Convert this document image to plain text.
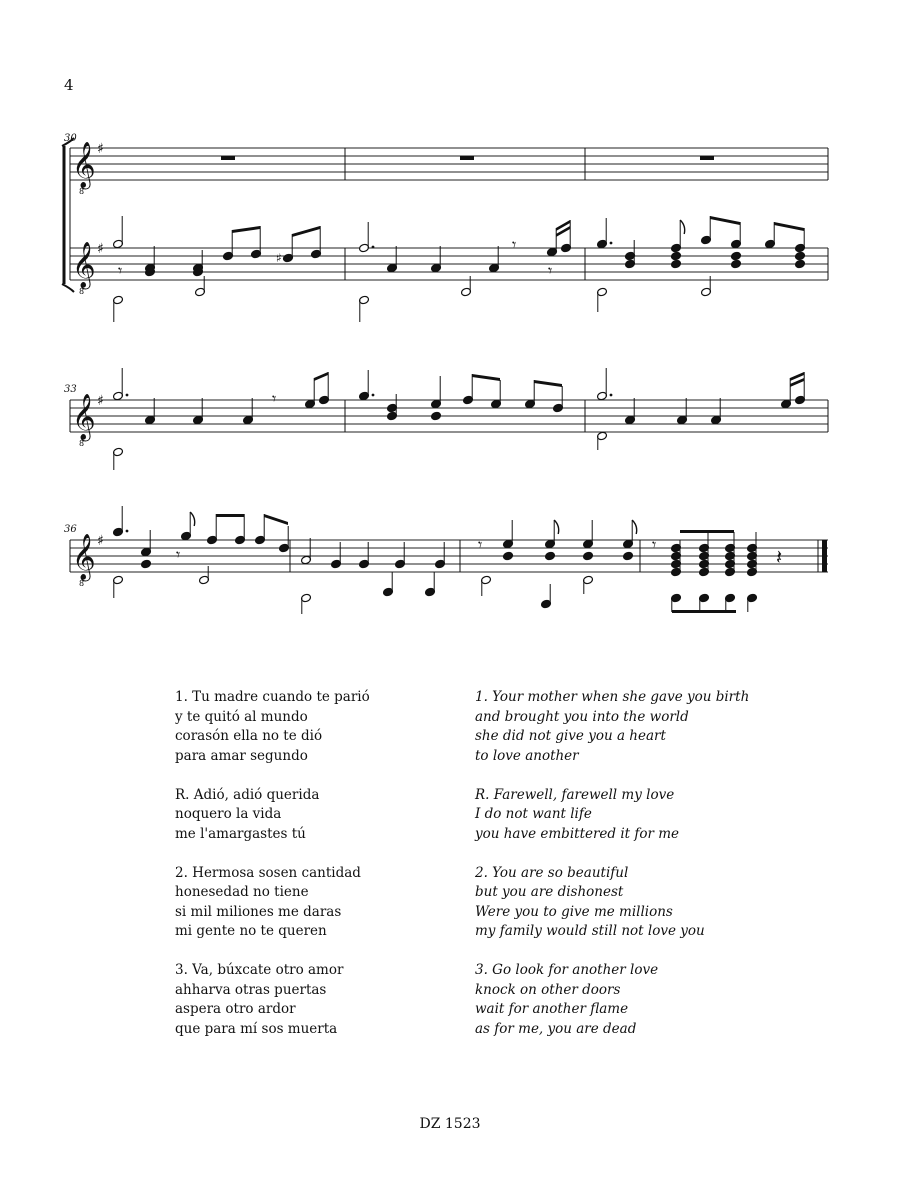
4
𝄞
8
♯
𝄞
8
♯
30
♯
𝄾
𝄾
𝄾
𝄞
8
♯
33	𝄾
𝄞
8
♯
36
𝄾
𝄾	𝄾
𝄽
1. Tu madre cuando te parió
y te quitó al mundo
corasón ella no te dió
para amar segundo
R. Adió, adió querida
noquero la vida
me l'amargastes tú
2. Hermosa sosen cantidad
honesedad no tiene
si mil miliones me daras
mi gente no te queren
3. Va, búxcate otro amor
ahharva otras puertas
aspera otro ardor
que para mí sos muerta
1. Your mother when she gave you birth
and brought you into the world
she did not give you a heart
to love another
R. Farewell, farewell my love
I do not want life
you have embittered it for me
2. You are so beautiful
but you are dishonest
Were you to give me millions
my family would still not love you
3. Go look for another love
knock on other doors
wait for another flame
as for me, you are dead
DZ 1523
